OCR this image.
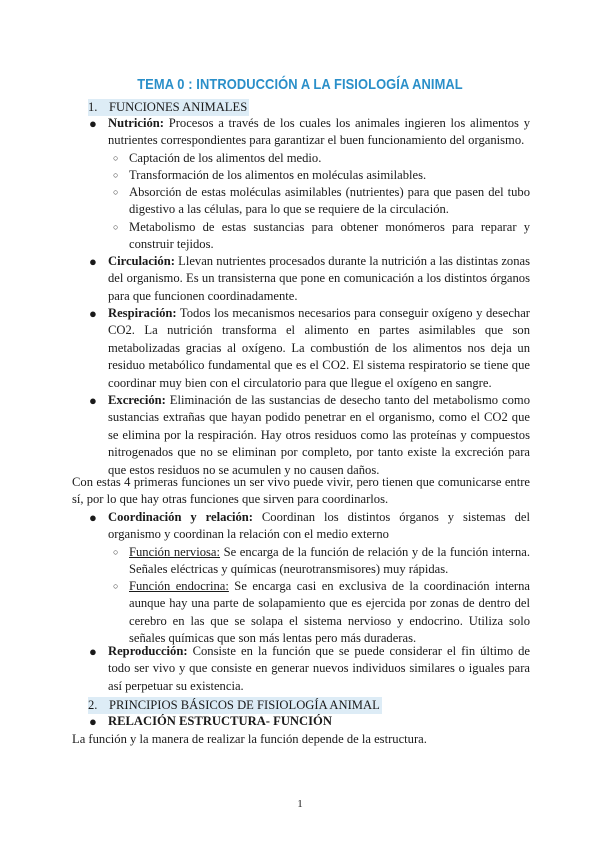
TEMA 0 : INTRODUCCIÓN A LA FISIOLOGÍA ANIMAL
1. FUNCIONES ANIMALES
● Nutrición: Procesos a través de los cuales los animales ingieren los alimentos y nutrientes correspondientes para garantizar el buen funcionamiento del organismo.
○ Captación de los alimentos del medio.
○ Transformación de los alimentos en moléculas asimilables.
○ Absorción de estas moléculas asimilables (nutrientes) para que pasen del tubo digestivo a las células, para lo que se requiere de la circulación.
○ Metabolismo de estas sustancias para obtener monómeros para reparar y construir tejidos.
● Circulación: Llevan nutrientes procesados durante la nutrición a las distintas zonas del organismo. Es un transisterna que pone en comunicación a los distintos órganos para que funcionen coordinadamente.
● Respiración: Todos los mecanismos necesarios para conseguir oxígeno y desechar CO2. La nutrición transforma el alimento en partes asimilables que son metabolizadas gracias al oxígeno. La combustión de los alimentos nos deja un residuo metabólico fundamental que es el CO2. El sistema respiratorio se tiene que coordinar muy bien con el circulatorio para que llegue el oxígeno en sangre.
● Excreción: Eliminación de las sustancias de desecho tanto del metabolismo como sustancias extrañas que hayan podido penetrar en el organismo, como el CO2 que se elimina por la respiración. Hay otros residuos como las proteínas y compuestos nitrogenados que no se eliminan por completo, por tanto existe la excreción para que estos residuos no se acumulen y no causen daños.
Con estas 4 primeras funciones un ser vivo puede vivir, pero tienen que comunicarse entre sí, por lo que hay otras funciones que sirven para coordinarlos.
● Coordinación y relación: Coordinan los distintos órganos y sistemas del organismo y coordinan la relación con el medio externo
○ Función nerviosa: Se encarga de la función de relación y de la función interna. Señales eléctricas y químicas (neurotransmisores) muy rápidas.
○ Función endocrina: Se encarga casi en exclusiva de la coordinación interna aunque hay una parte de solapamiento que es ejercida por zonas de dentro del cerebro en las que se solapa el sistema nervioso y endocrino. Utiliza solo señales químicas que son más lentas pero más duraderas.
● Reproducción: Consiste en la función que se puede considerar el fin último de todo ser vivo y que consiste en generar nuevos individuos similares o iguales para así perpetuar su existencia.
2. PRINCIPIOS BÁSICOS DE FISIOLOGÍA ANIMAL
● RELACIÓN ESTRUCTURA- FUNCIÓN
La función y la manera de realizar la función depende de la estructura.
1
